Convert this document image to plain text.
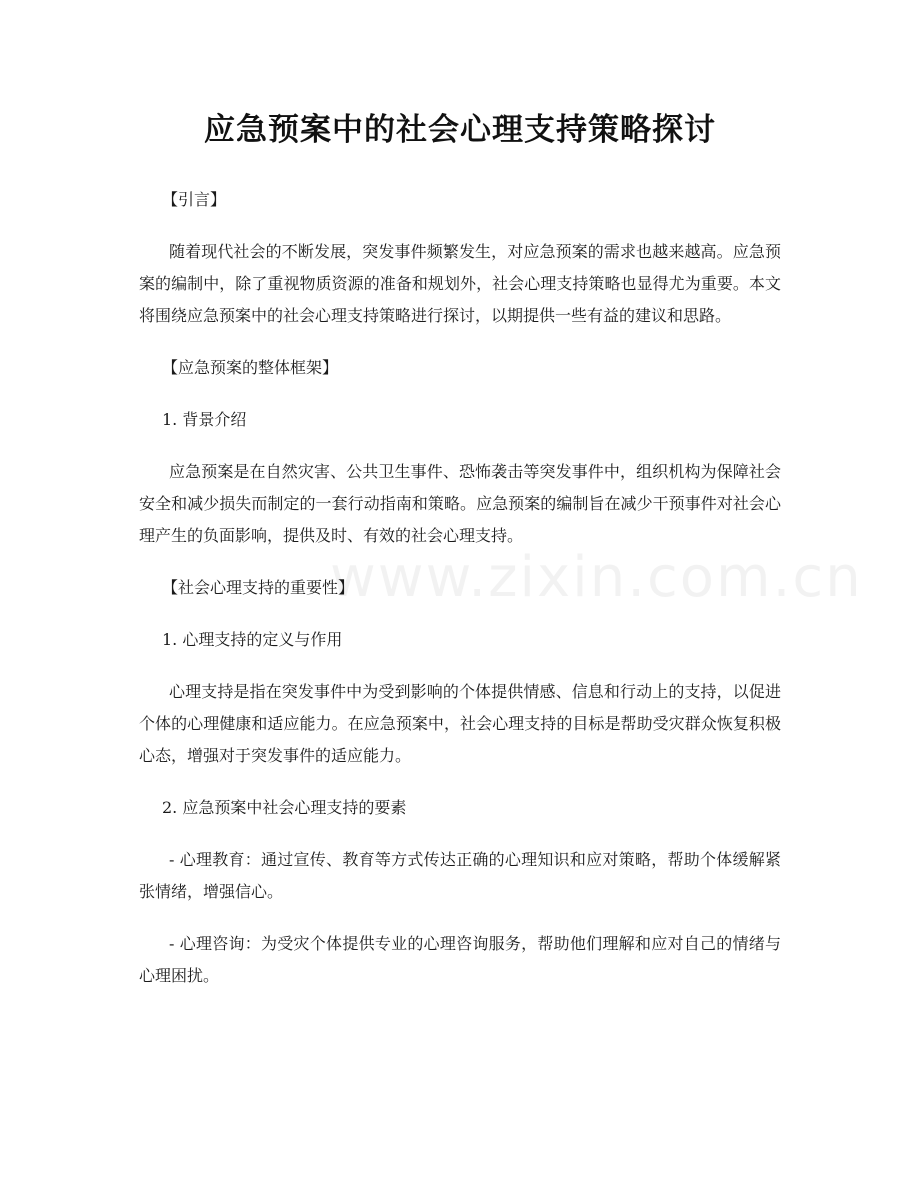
应急预案中的社会心理支持策略探讨

【引言】

随着现代社会的不断发展，突发事件频繁发生，对应急预案的需求也越来越高。应急预案的编制中，除了重视物质资源的准备和规划外，社会心理支持策略也显得尤为重要。本文将围绕应急预案中的社会心理支持策略进行探讨，以期提供一些有益的建议和思路。

【应急预案的整体框架】

1. 背景介绍

应急预案是在自然灾害、公共卫生事件、恐怖袭击等突发事件中，组织机构为保障社会安全和减少损失而制定的一套行动指南和策略。应急预案的编制旨在减少干预事件对社会心理产生的负面影响，提供及时、有效的社会心理支持。

【社会心理支持的重要性】

1. 心理支持的定义与作用

心理支持是指在突发事件中为受到影响的个体提供情感、信息和行动上的支持，以促进个体的心理健康和适应能力。在应急预案中，社会心理支持的目标是帮助受灾群众恢复积极心态，增强对于突发事件的适应能力。

2. 应急预案中社会心理支持的要素

- 心理教育：通过宣传、教育等方式传达正确的心理知识和应对策略，帮助个体缓解紧张情绪，增强信心。

- 心理咨询：为受灾个体提供专业的心理咨询服务，帮助他们理解和应对自己的情绪与心理困扰。

www.zixin.com.cn
